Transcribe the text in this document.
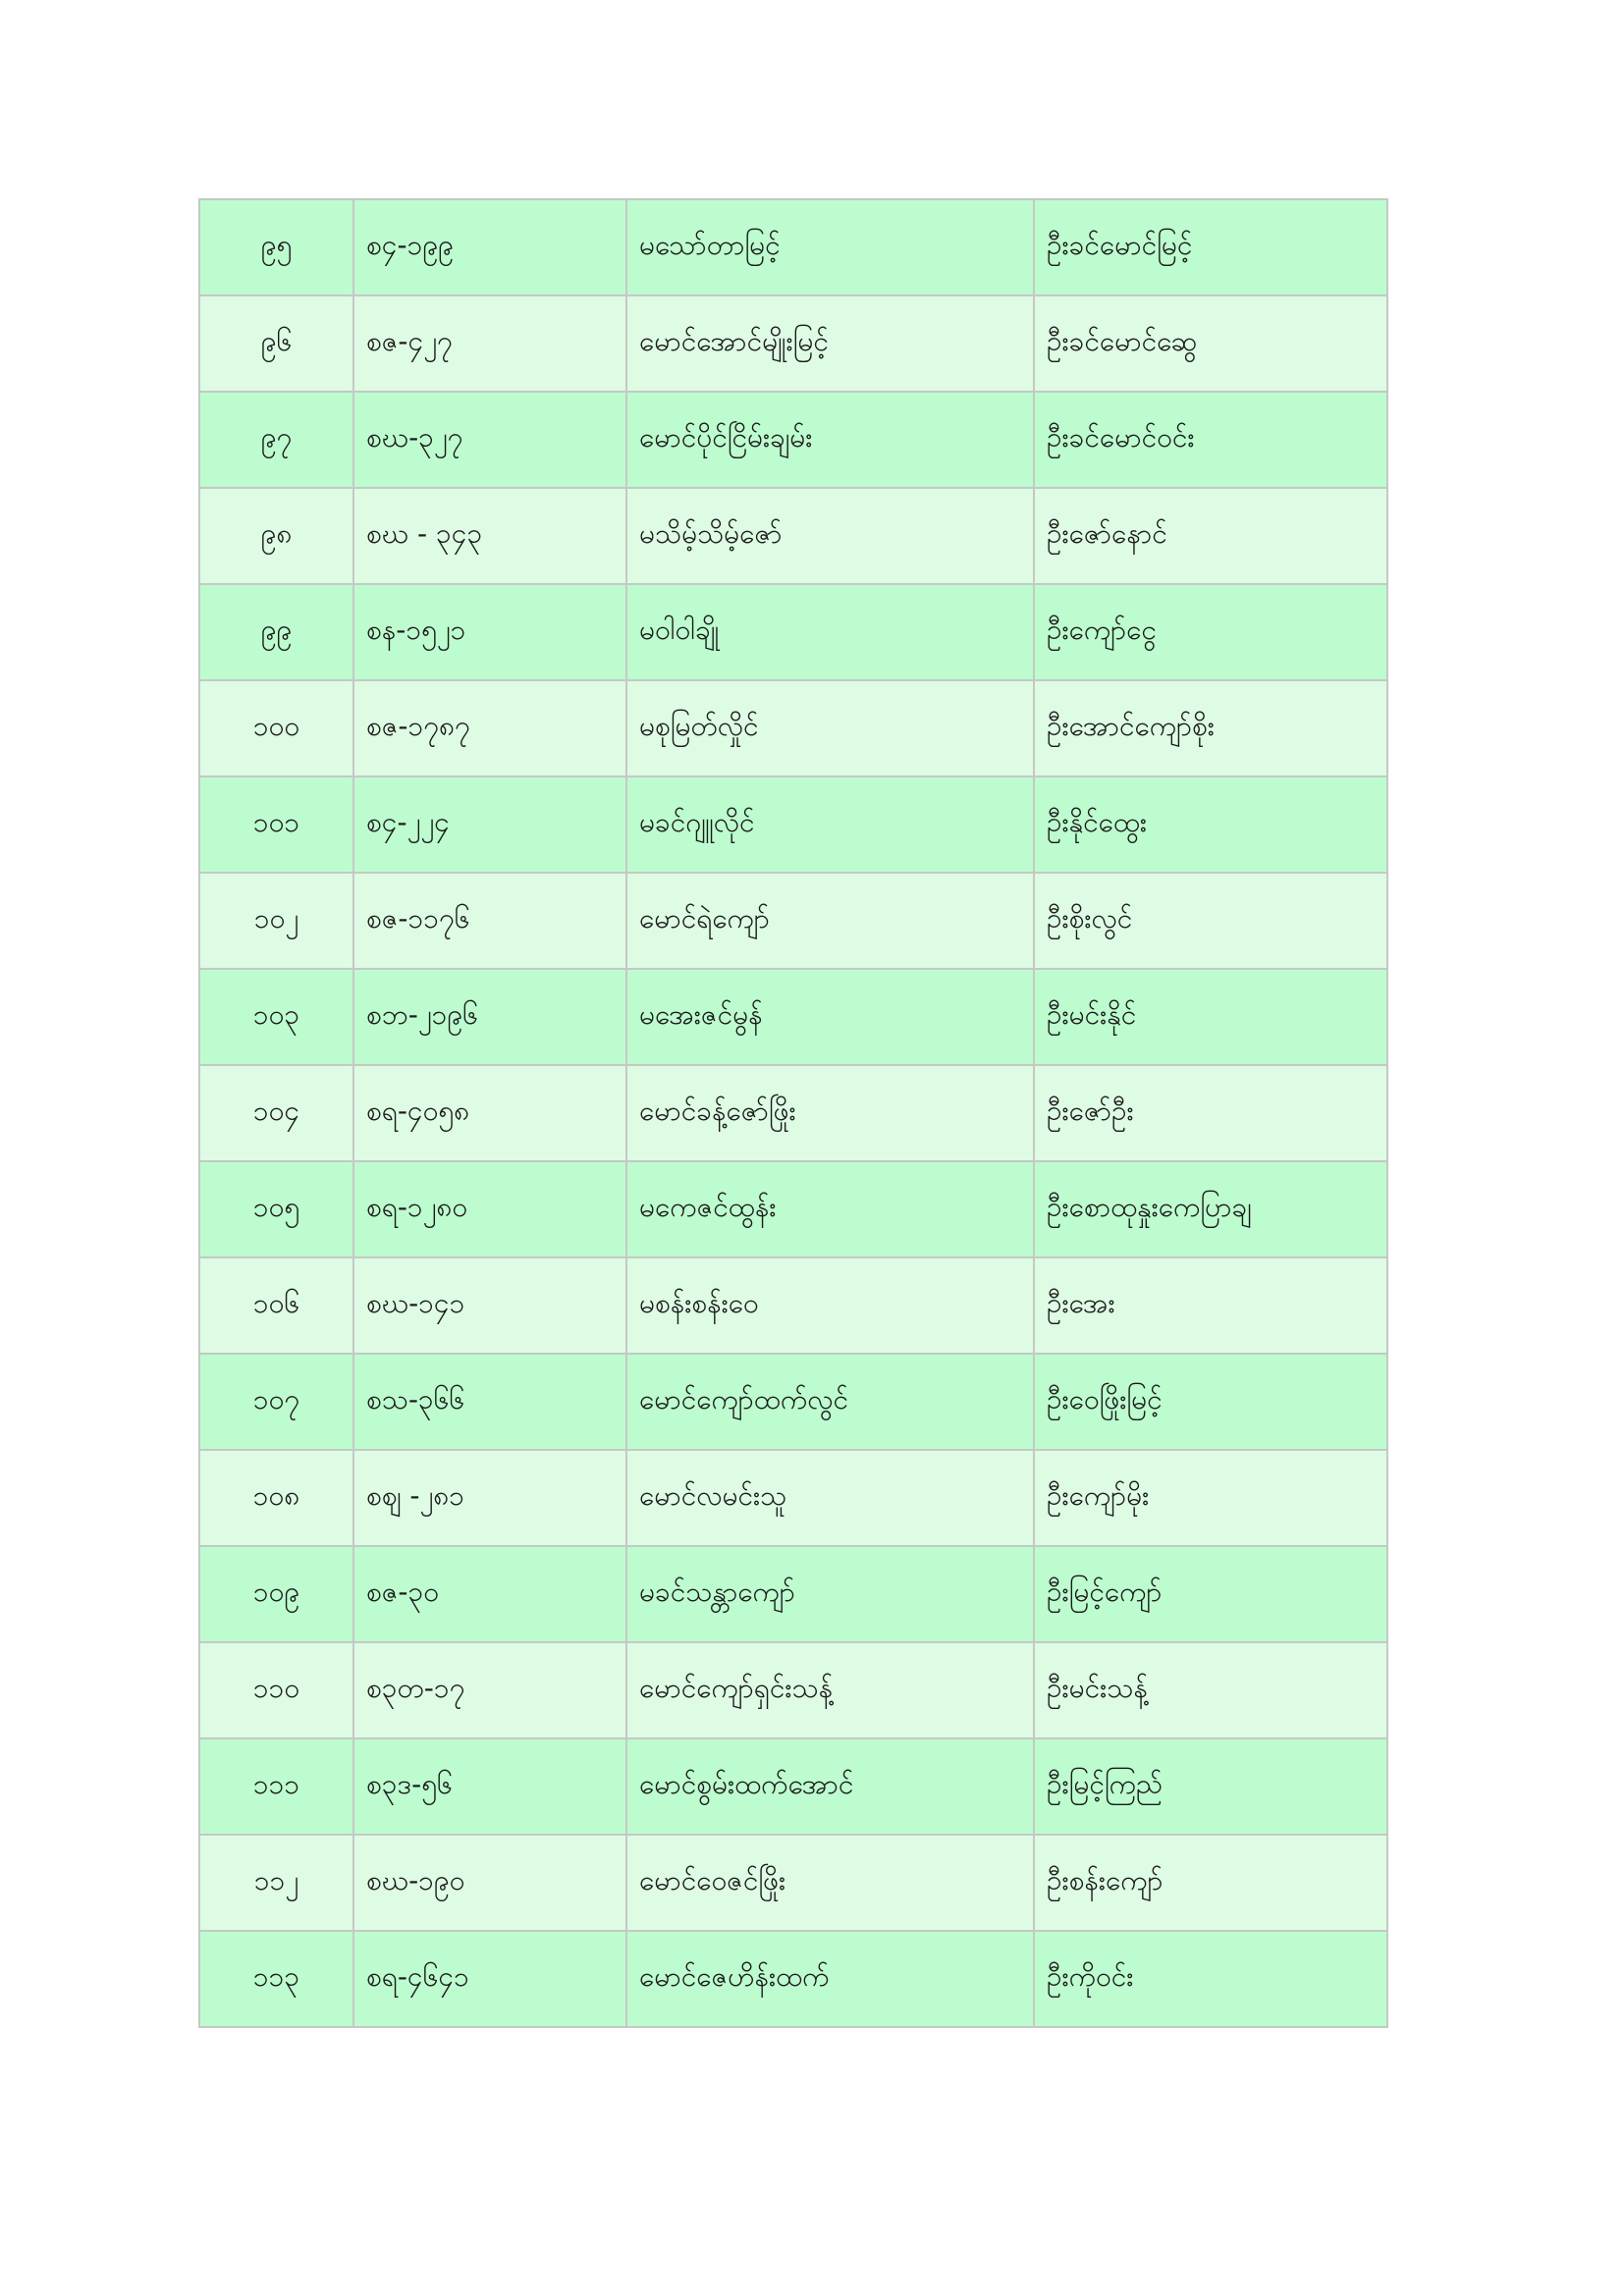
၉၅	စ၄-၁၉၉	မသော်တာမြင့်	ဦးခင်မောင်မြင့်
၉၆	စဇ-၄၂၇	မောင်အောင်မျိုးမြင့်	ဦးခင်မောင်ဆွေ
၉၇	စဃ-၃၂၇	မောင်ပိုင်ငြိမ်းချမ်း	ဦးခင်မောင်ဝင်း
၉၈	စဃ - ၃၄၃	မသိမ့်သိမ့်ဇော်	ဦးဇော်နောင်
၉၉	စန-၁၅၂၁	မဝါဝါချို	ဦးကျော်ငွေ
၁၀၀	စဇ-၁၇၈၇	မစုမြတ်လှိုင်	ဦးအောင်ကျော်စိုး
၁၀၁	စ၄-၂၂၄	မခင်ဂျူလိုင်	ဦးနိုင်ထွေး
၁၀၂	စဇ-၁၁၇၆	မောင်ရဲကျော်	ဦးစိုးလွင်
၁၀၃	စဘ-၂၁၉၆	မအေးဇင်မွန်	ဦးမင်းနိုင်
၁၀၄	စရ-၄၀၅၈	မောင်ခန့်ဇော်ဖြိုး	ဦးဇော်ဦး
၁၀၅	စရ-၁၂၈၀	မကေဇင်ထွန်း	ဦးစောထုနှုးကေပြာချ
၁၀၆	စဃ-၁၄၁	မစန်းစန်းဝေ	ဦးအေး
၁၀၇	စသ-၃၆၆	မောင်ကျော်ထက်လွင်	ဦးဝေဖြိုးမြင့်
၁၀၈	စဈ -၂၈၁	မောင်လမင်းသူ	ဦးကျော်မိုး
၁၀၉	စဇ-၃၀	မခင်သန္တာကျော်	ဦးမြင့်ကျော်
၁၁၀	စ၃တ-၁၇	မောင်ကျော်ရှင်းသန့်	ဦးမင်းသန့်
၁၁၁	စ၃ဒ-၅၆	မောင်စွမ်းထက်အောင်	ဦးမြင့်ကြည်
၁၁၂	စဃ-၁၉၀	မောင်ဝေဇင်ဖြိုး	ဦးစန်းကျော်
၁၁၃	စရ-၄၆၄၁	မောင်ဇေဟိန်းထက်	ဦးကိုဝင်း
